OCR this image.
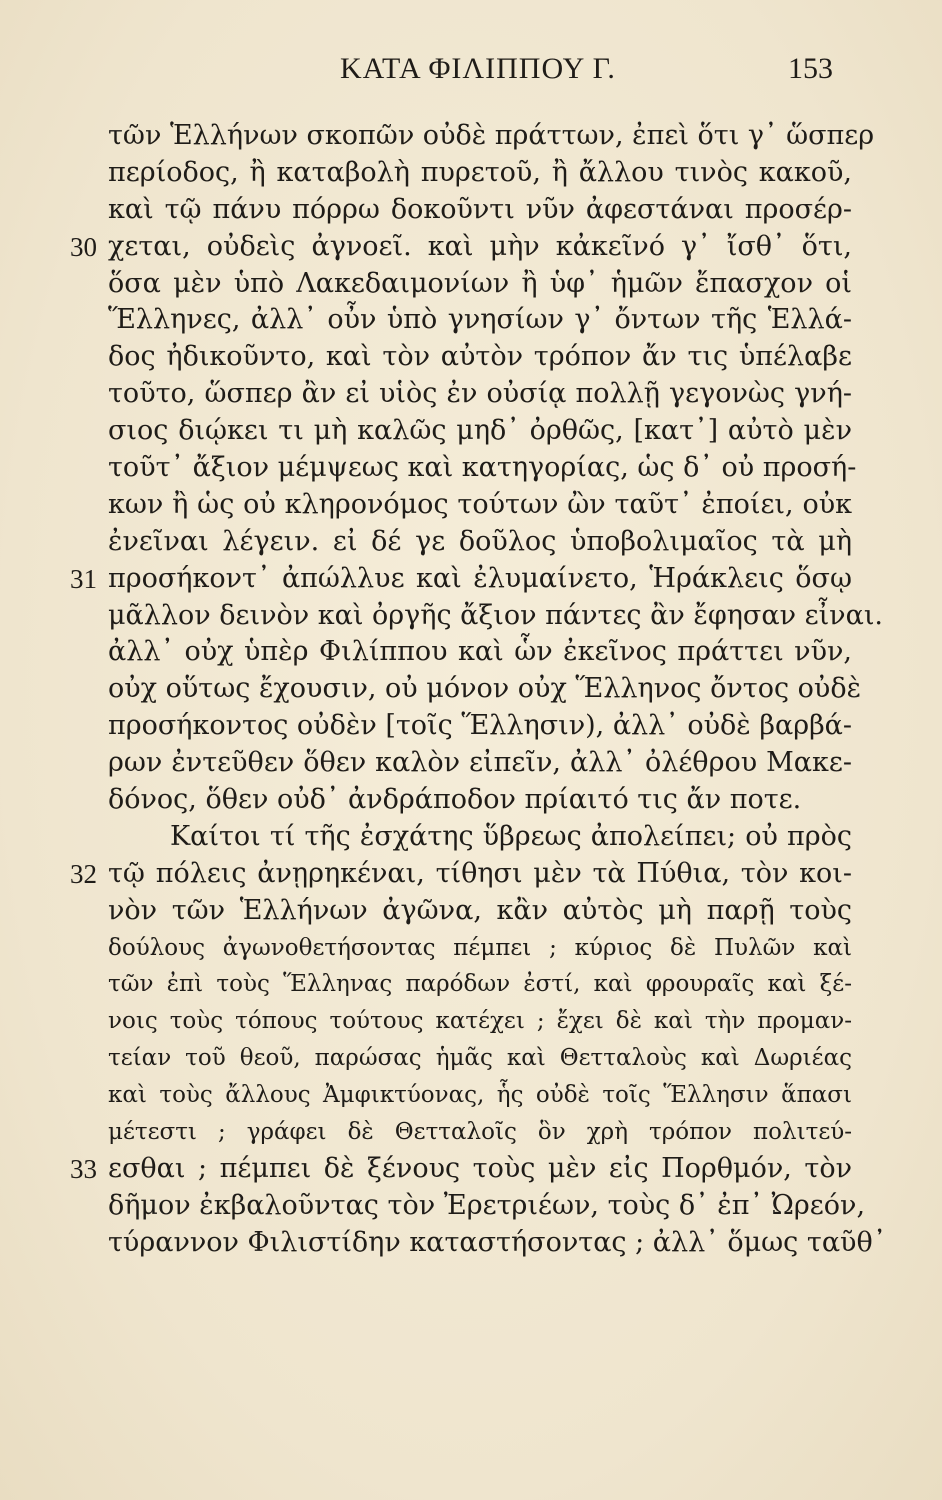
ΚΑΤΑ ΦΙΛΙΠΠΟΥ Γ.	153
30
31
32
33
τῶν Ἑλλήνων σκοπῶν οὐδὲ πράττων, ἐπεὶ ὅτι γ᾽ ὥσπερ
περίοδος, ἢ καταβολὴ πυρετοῦ, ἢ ἄλλου τινὸς κακοῦ,
καὶ τῷ πάνυ πόρρω δοκοῦντι νῦν ἀφεστάναι προσέρ-
χεται, οὐδεὶς ἀγνοεῖ. καὶ μὴν κἀκεῖνό γ᾽ ἴσθ᾽ ὅτι,
ὅσα μὲν ὑπὸ Λακεδαιμονίων ἢ ὑφ᾽ ἡμῶν ἔπασχον οἱ
Ἕλληνες, ἀλλ᾽ οὖν ὑπὸ γνησίων γ᾽ ὄντων τῆς Ἑλλά-
δος ἠδικοῦντο, καὶ τὸν αὐτὸν τρόπον ἄν τις ὑπέλαβε
τοῦτο, ὥσπερ ἂν εἰ υἱὸς ἐν οὐσίᾳ πολλῇ γεγονὼς γνή-
σιος διῴκει τι μὴ καλῶς μηδ᾽ ὀρθῶς, [κατ᾽] αὐτὸ μὲν
τοῦτ᾽ ἄξιον μέμψεως καὶ κατηγορίας, ὡς δ᾽ οὐ προσή-
κων ἢ ὡς οὐ κληρονόμος τούτων ὢν ταῦτ᾽ ἐποίει, οὐκ
ἐνεῖναι λέγειν. εἰ δέ γε δοῦλος ὑποβολιμαῖος τὰ μὴ
προσήκοντ᾽ ἀπώλλυε καὶ ἐλυμαίνετο, Ἡράκλεις ὅσῳ
μᾶλλον δεινὸν καὶ ὀργῆς ἄξιον πάντες ἂν ἔφησαν εἶναι.
ἀλλ᾽ οὐχ ὑπὲρ Φιλίππου καὶ ὧν ἐκεῖνος πράττει νῦν,
οὐχ οὕτως ἔχουσιν, οὐ μόνον οὐχ Ἕλληνος ὄντος οὐδὲ
προσήκοντος οὐδὲν [τοῖς Ἕλλησιν), ἀλλ᾽ οὐδὲ βαρβά-
ρων ἐντεῦθεν ὅθεν καλὸν εἰπεῖν, ἀλλ᾽ ὀλέθρου Μακε-
δόνος, ὅθεν οὐδ᾽ ἀνδράποδον πρίαιτό τις ἄν ποτε.
Καίτοι τί τῆς ἐσχάτης ὕβρεως ἀπολείπει; οὐ πρὸς
τῷ πόλεις ἀνῃρηκέναι, τίθησι μὲν τὰ Πύθια, τὸν κοι-
νὸν τῶν Ἑλλήνων ἀγῶνα, κἂν αὐτὸς μὴ παρῇ τοὺς
δούλους ἀγωνοθετήσοντας πέμπει ; κύριος δὲ Πυλῶν καὶ
τῶν ἐπὶ τοὺς Ἕλληνας παρόδων ἐστί, καὶ φρουραῖς καὶ ξέ-
νοις τοὺς τόπους τούτους κατέχει ; ἔχει δὲ καὶ τὴν προμαν-
τείαν τοῦ θεοῦ, παρώσας ἡμᾶς καὶ Θετταλοὺς καὶ Δωριέας
καὶ τοὺς ἄλλους Ἀμφικτύονας, ἧς οὐδὲ τοῖς Ἕλλησιν ἅπασι
μέτεστι ; γράφει δὲ Θετταλοῖς ὃν χρὴ τρόπον πολιτεύ-
εσθαι ; πέμπει δὲ ξένους τοὺς μὲν εἰς Πορθμόν, τὸν
δῆμον ἐκβαλοῦντας τὸν Ἐρετριέων, τοὺς δ᾽ ἐπ᾽ Ὠρεόν,
τύραννον Φιλιστίδην καταστήσοντας ; ἀλλ᾽ ὅμως ταῦθ᾽
